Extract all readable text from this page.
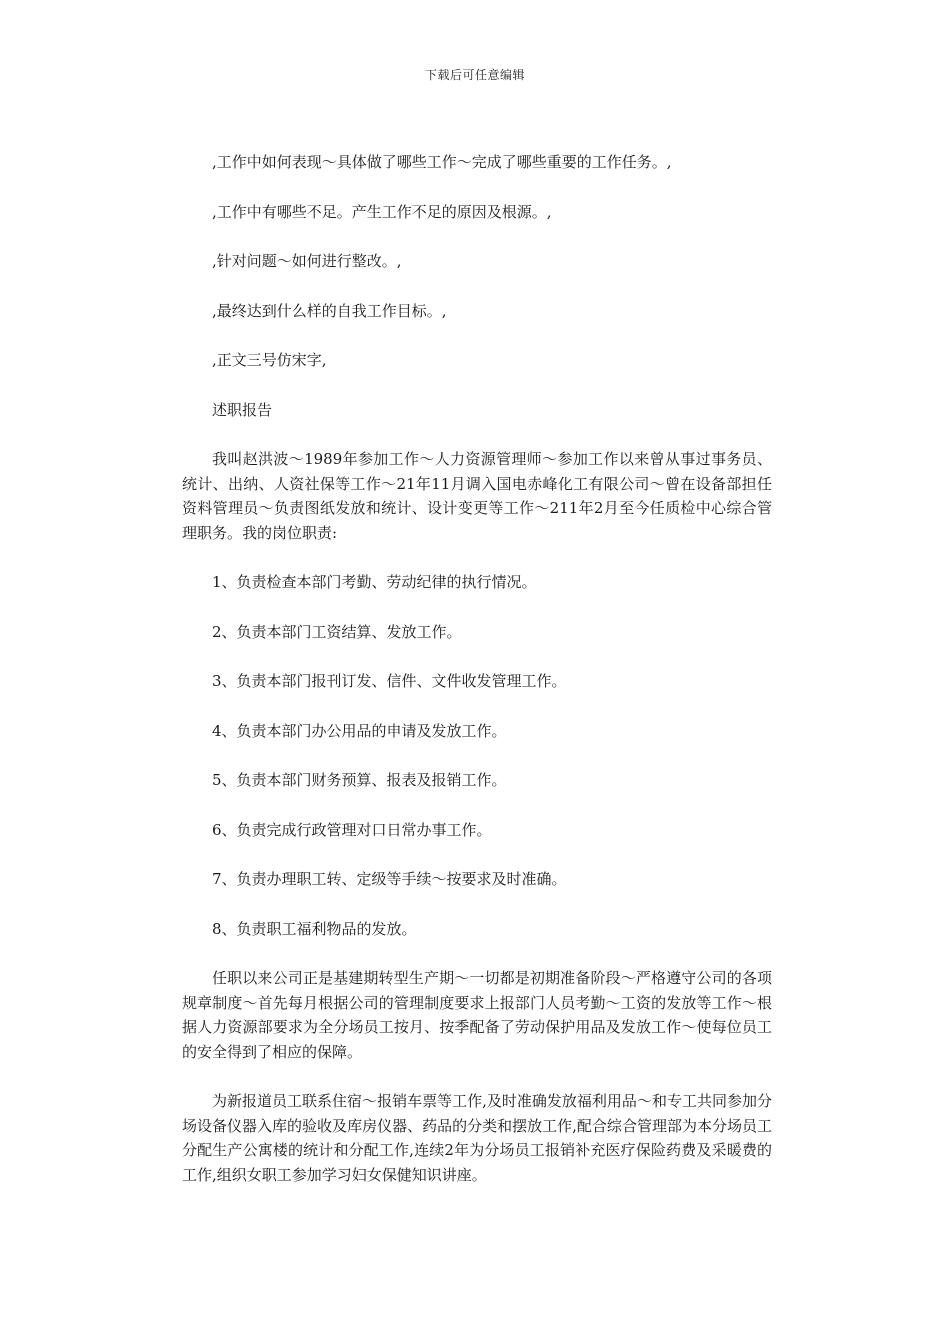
下载后可任意编辑

,工作中如何表现～具体做了哪些工作～完成了哪些重要的工作任务。,

,工作中有哪些不足。产生工作不足的原因及根源。,

,针对问题～如何进行整改。,

,最终达到什么样的自我工作目标。,

,正文三号仿宋字,

述职报告

我叫赵洪波～1989年参加工作～人力资源管理师～参加工作以来曾从事过事务员、统计、出纳、人资社保等工作～21年11月调入国电赤峰化工有限公司～曾在设备部担任资料管理员～负责图纸发放和统计、设计变更等工作～211年2月至今任质检中心综合管理职务。我的岗位职责:

1、负责检查本部门考勤、劳动纪律的执行情况。

2、负责本部门工资结算、发放工作。

3、负责本部门报刊订发、信件、文件收发管理工作。

4、负责本部门办公用品的申请及发放工作。

5、负责本部门财务预算、报表及报销工作。

6、负责完成行政管理对口日常办事工作。

7、负责办理职工转、定级等手续～按要求及时准确。

8、负责职工福利物品的发放。

任职以来公司正是基建期转型生产期～一切都是初期准备阶段～严格遵守公司的各项规章制度～首先每月根据公司的管理制度要求上报部门人员考勤～工资的发放等工作～根据人力资源部要求为全分场员工按月、按季配备了劳动保护用品及发放工作～使每位员工的安全得到了相应的保障。

为新报道员工联系住宿～报销车票等工作,及时准确发放福利用品～和专工共同参加分场设备仪器入库的验收及库房仪器、药品的分类和摆放工作,配合综合管理部为本分场员工分配生产公寓楼的统计和分配工作,连续2年为分场员工报销补充医疗保险药费及采暖费的工作,组织女职工参加学习妇女保健知识讲座。
